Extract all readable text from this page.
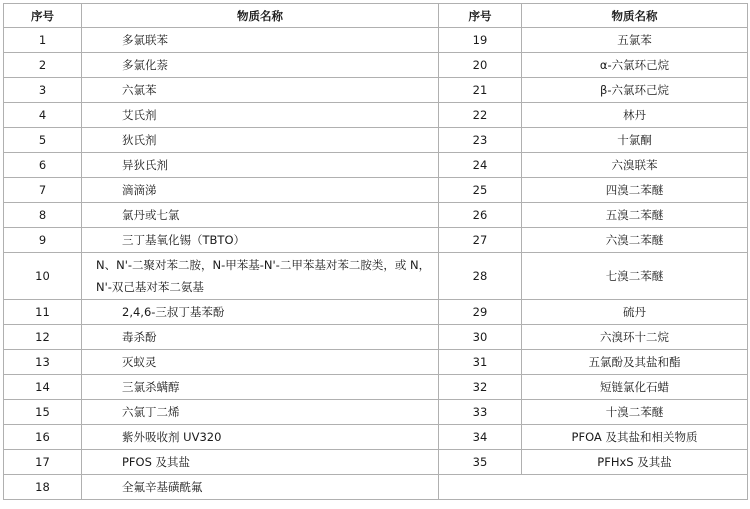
序号	物质名称	序号	物质名称
1	多氯联苯	19	五氯苯
2	多氯化萘	20	α-六氯环己烷
3	六氯苯	21	β-六氯环己烷
4	艾氏剂	22	林丹
5	狄氏剂	23	十氯酮
6	异狄氏剂	24	六溴联苯
7	滴滴涕	25	四溴二苯醚
8	氯丹或七氯	26	五溴二苯醚
9	三丁基氧化锡（TBTO）	27	六溴二苯醚
10	N、N'-二聚对苯二胺，N-甲苯基-N'-二甲苯基对苯二胺类，或 N，N'-双己基对苯二氨基	28	七溴二苯醚
11	2,4,6-三叔丁基苯酚	29	硫丹
12	毒杀酚	30	六溴环十二烷
13	灭蚁灵	31	五氯酚及其盐和酯
14	三氯杀螨醇	32	短链氯化石蜡
15	六氯丁二烯	33	十溴二苯醚
16	紫外吸收剂 UV320	34	PFOA 及其盐和相关物质
17	PFOS 及其盐	35	PFHxS 及其盐
18	全氟辛基磺酰氟		
